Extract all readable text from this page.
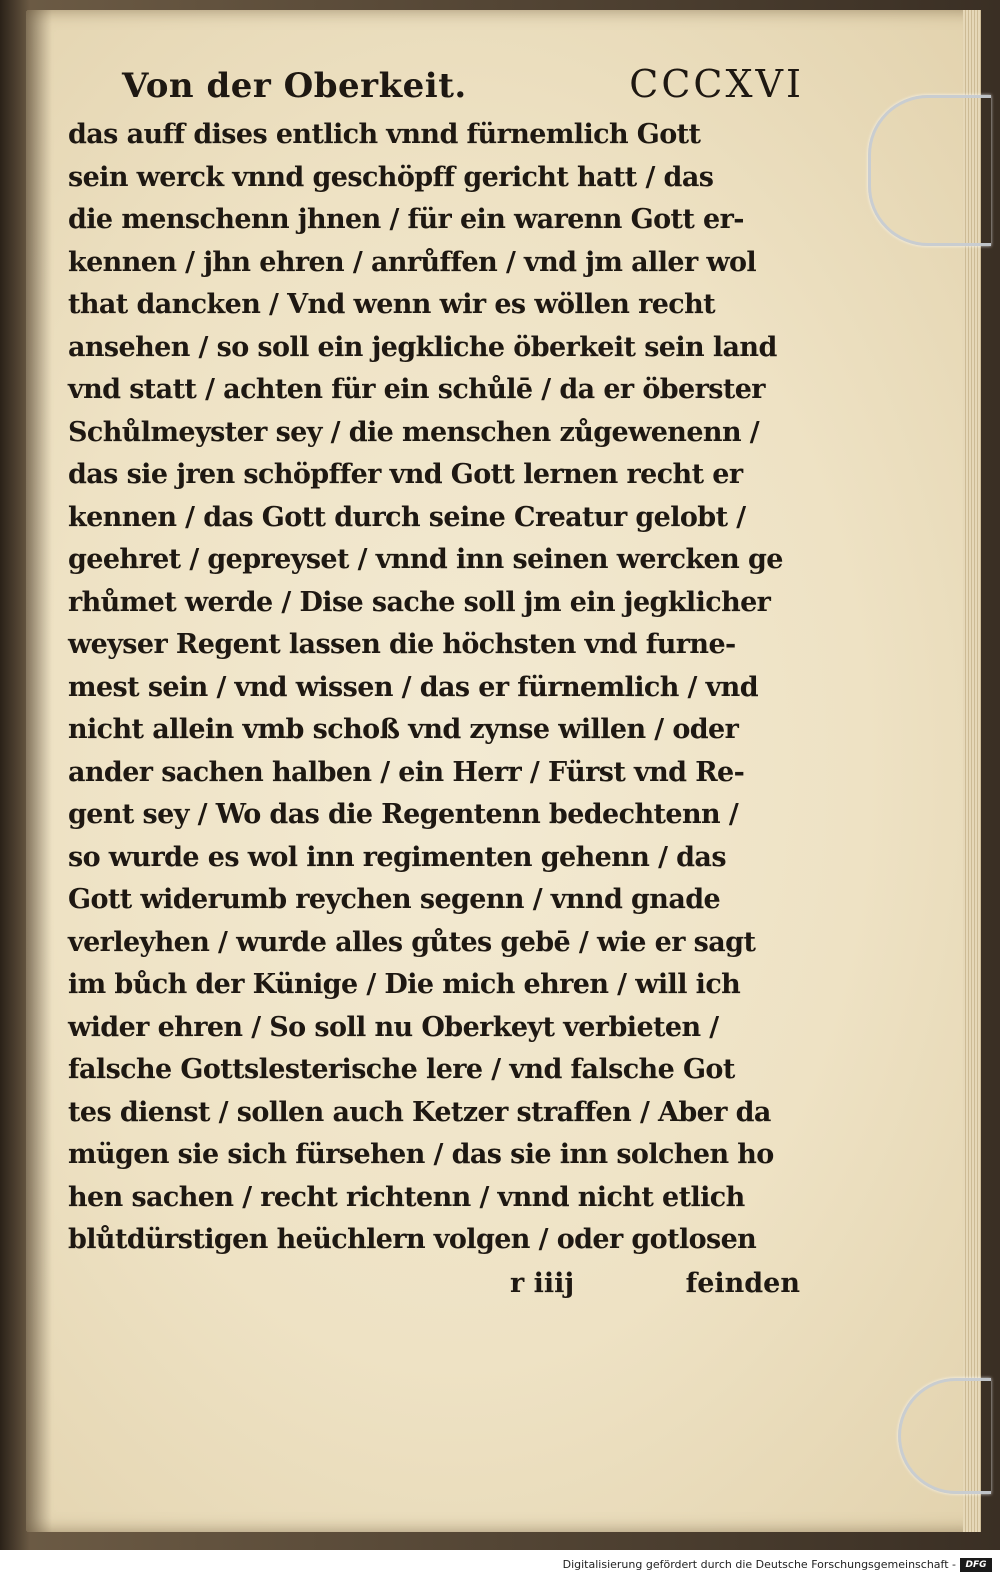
Von der Oberkeit.	CCCXVI
das auff dises entlich vnnd fürnemlich Gott
sein werck vnnd geschöpff gericht hatt / das
die menschenn jhnen / für ein warenn Gott er-
kennen / jhn ehren / anrůffen / vnd jm aller wol
that dancken / Vnd wenn wir es wöllen recht
ansehen / so soll ein jegkliche öberkeit sein land
vnd statt / achten für ein schůlē / da er öberster
Schůlmeyster sey / die menschen zůgewenenn /
das sie jren schöpffer vnd Gott lernen recht er
kennen / das Gott durch seine Creatur gelobt /
geehret / gepreyset / vnnd inn seinen wercken ge
rhůmet werde / Dise sache soll jm ein jegklicher
weyser Regent lassen die höchsten vnd furne-
mest sein / vnd wissen / das er fürnemlich / vnd
nicht allein vmb schoß vnd zynse willen / oder
ander sachen halben / ein Herr / Fürst vnd Re-
gent sey / Wo das die Regentenn bedechtenn /
so wurde es wol inn regimenten gehenn / das
Gott widerumb reychen segenn / vnnd gnade
verleyhen / wurde alles gůtes gebē / wie er sagt
im bůch der Künige / Die mich ehren / will ich
wider ehren / So soll nu Oberkeyt verbieten /
falsche Gottslesterische lere / vnd falsche Got
tes dienst / sollen auch Ketzer straffen / Aber da
mügen sie sich fürsehen / das sie inn solchen ho
hen sachen / recht richtenn / vnnd nicht etlich
blůtdürstigen heüchlern volgen / oder gotlosen
r iiij	feinden
Digitalisierung gefördert durch die Deutsche Forschungsgemeinschaft -	DFG
